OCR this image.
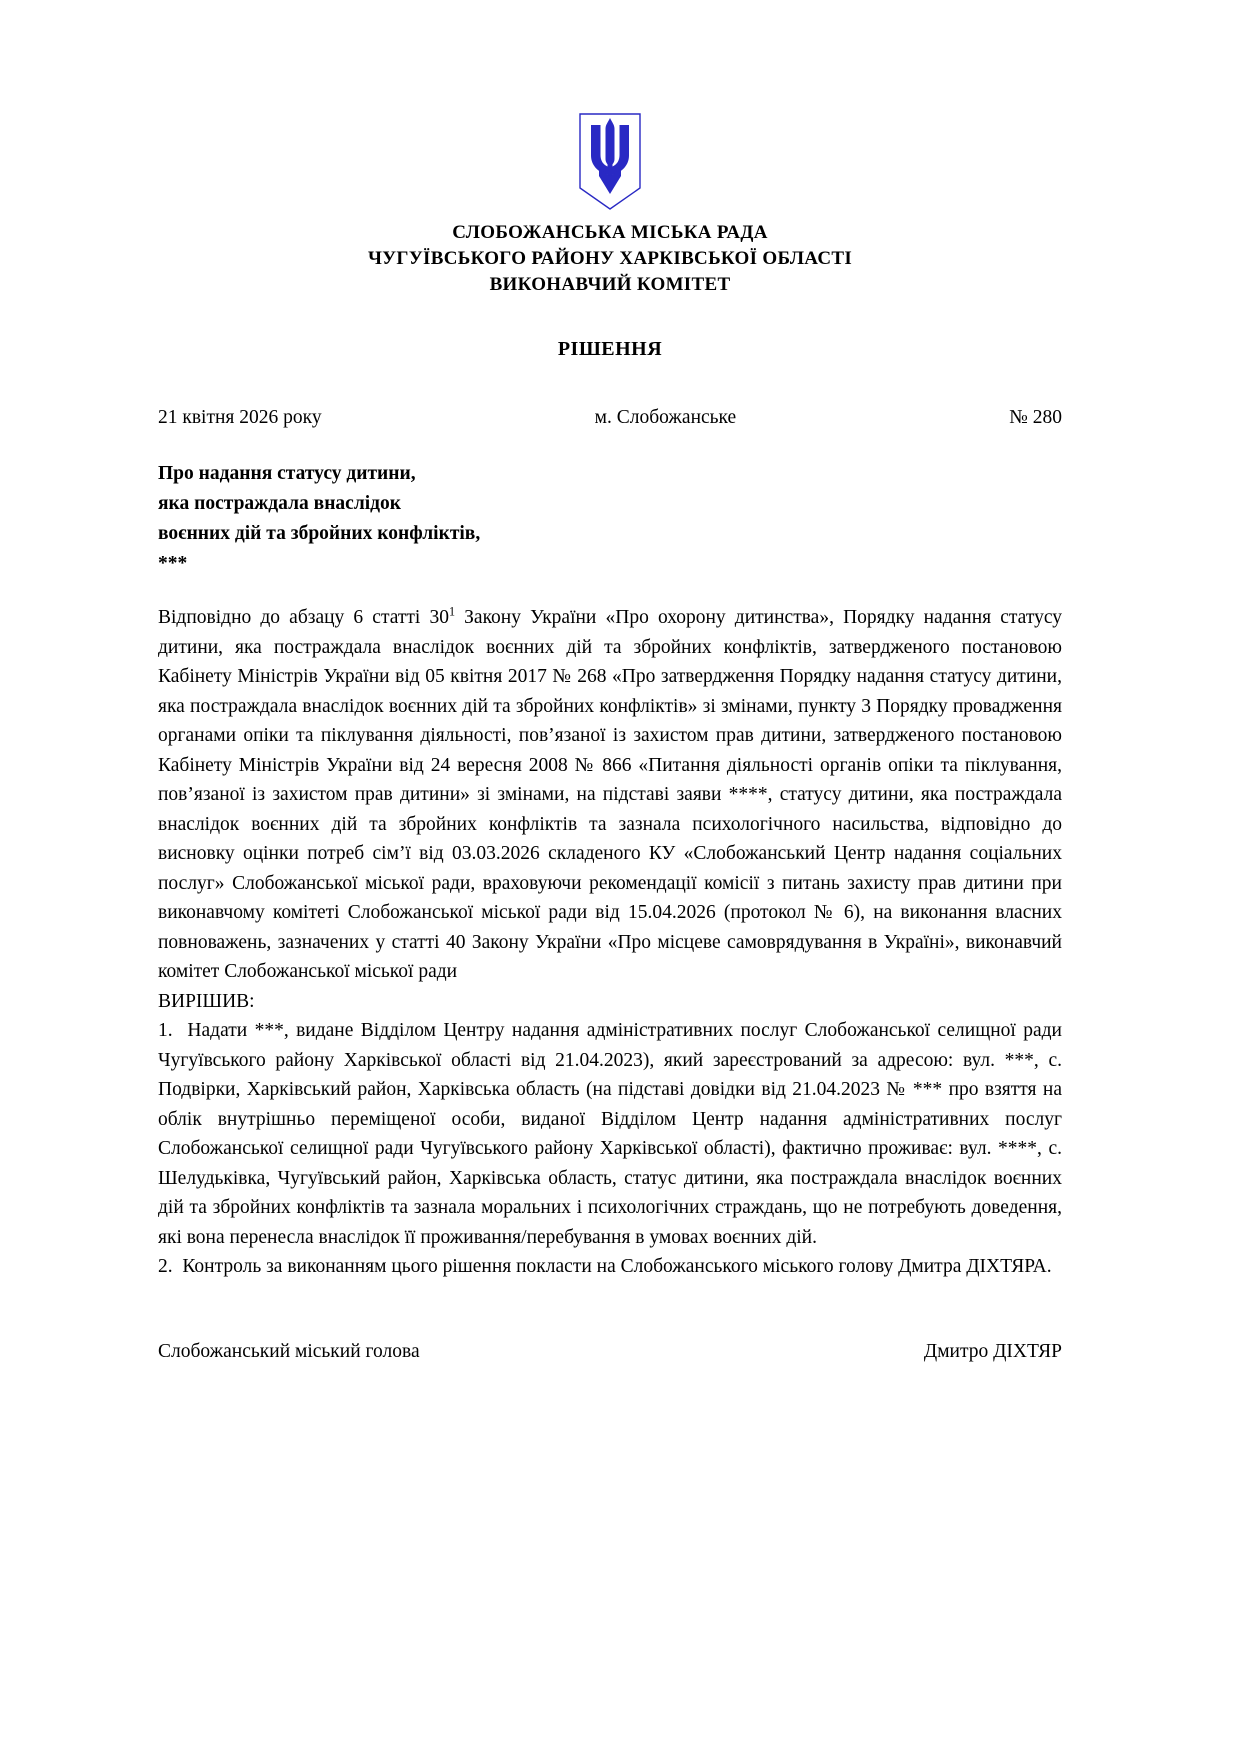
СЛОБОЖАНСЬКА МІСЬКА РАДА
ЧУГУЇВСЬКОГО РАЙОНУ ХАРКІВСЬКОЇ ОБЛАСТІ
ВИКОНАВЧИЙ КОМІТЕТ
РІШЕННЯ
21 квітня 2026 року	м. Слобожанське	№ 280
Про надання статусу дитини,
яка постраждала внаслідок
воєнних дій та збройних конфліктів,
***

Відповідно до абзацу 6 статті 30$^1$ Закону України «Про охорону дитинства», Порядку надання статусу дитини, яка постраждала внаслідок воєнних дій та збройних конфліктів, затвердженого постановою Кабінету Міністрів України від 05 квітня 2017 № 268 «Про затвердження Порядку надання статусу дитини, яка постраждала внаслідок воєнних дій та збройних конфліктів» зі змінами, пункту 3 Порядку провадження органами опіки та піклування діяльності, пов’язаної із захистом прав дитини, затвердженого постановою Кабінету Міністрів України від 24 вересня 2008 № 866 «Питання діяльності органів опіки та піклування, пов’язаної із захистом прав дитини» зі змінами, на підставі заяви ****, статусу дитини, яка постраждала внаслідок воєнних дій та збройних конфліктів та зазнала психологічного насильства, відповідно до висновку оцінки потреб сім’ї від 03.03.2026 складеного КУ «Слобожанський Центр надання соціальних послуг» Слобожанської міської ради, враховуючи рекомендації комісії з питань захисту прав дитини при виконавчому комітеті Слобожанської міської ради від 15.04.2026 (протокол № 6), на виконання власних повноважень, зазначених у статті 40 Закону України «Про місцеве самоврядування в Україні», виконавчий комітет Слобожанської міської ради

ВИРІШИВ:

1.  Надати ***, видане Відділом Центру надання адміністративних послуг Слобожанської селищної ради Чугуївського району Харківської області від 21.04.2023), який зареєстрований за адресою: вул. ***, с. Подвірки, Харківський район, Харківська область (на підставі довідки від 21.04.2023 № *** про взяття на облік внутрішньо переміщеної особи, виданої Відділом Центр надання адміністративних послуг Слобожанської селищної ради Чугуївського району Харківської області), фактично проживає: вул. ****, с. Шелудьківка, Чугуївський район, Харківська область, статус дитини, яка постраждала внаслідок воєнних дій та збройних конфліктів та зазнала моральних і психологічних страждань, що не потребують доведення, які вона перенесла внаслідок її проживання/перебування в умовах воєнних дій.

2.  Контроль за виконанням цього рішення покласти на Слобожанського міського голову Дмитра ДІХТЯРА.

Слобожанський міський голова	Дмитро ДІХТЯР
